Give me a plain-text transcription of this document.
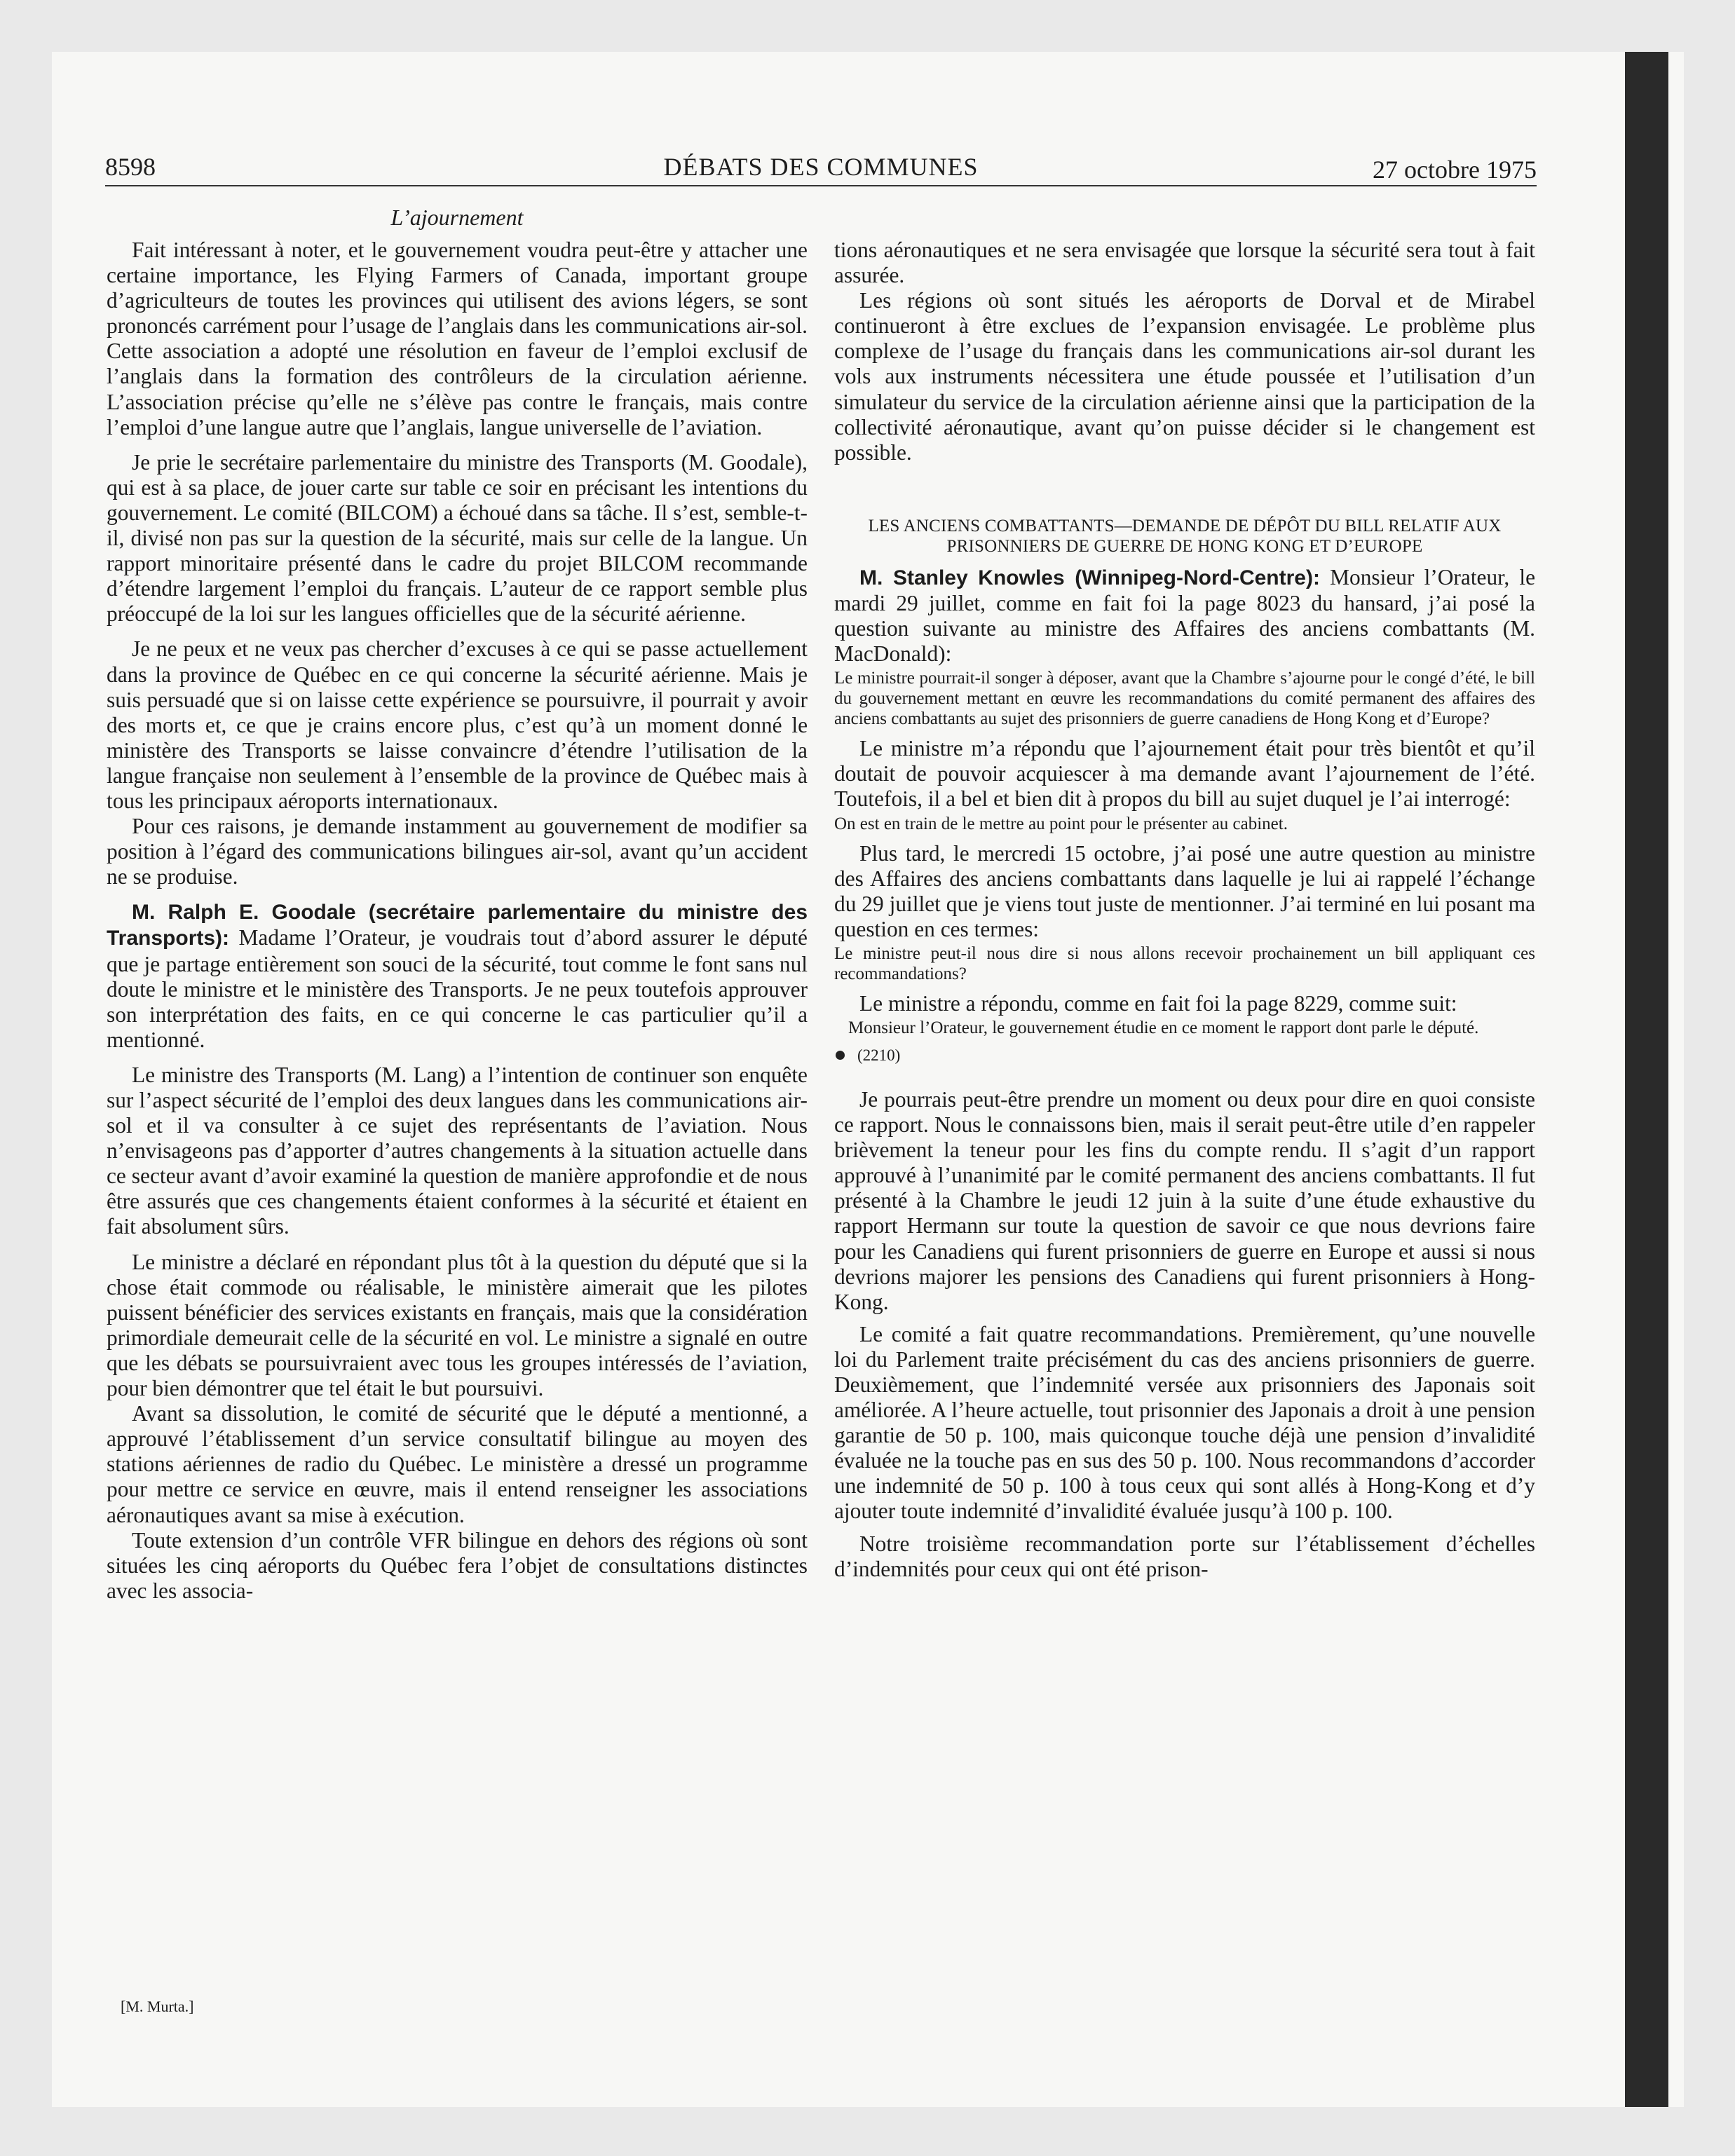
8598	DÉBATS DES COMMUNES	27 octobre 1975
L’ajournement

Fait intéressant à noter, et le gouvernement voudra peut-être y attacher une certaine importance, les Flying Farmers of Canada, important groupe d’agriculteurs de toutes les provinces qui utilisent des avions légers, se sont prononcés carrément pour l’usage de l’anglais dans les communications air-sol. Cette association a adopté une résolution en faveur de l’emploi exclusif de l’anglais dans la formation des contrôleurs de la circulation aérienne. L’association précise qu’elle ne s’élève pas contre le français, mais contre l’emploi d’une langue autre que l’anglais, langue universelle de l’aviation.

Je prie le secrétaire parlementaire du ministre des Transports (M. Goodale), qui est à sa place, de jouer carte sur table ce soir en précisant les intentions du gouvernement. Le comité (BILCOM) a échoué dans sa tâche. Il s’est, semble-t-il, divisé non pas sur la question de la sécurité, mais sur celle de la langue. Un rapport minoritaire présenté dans le cadre du projet BILCOM recommande d’étendre largement l’emploi du français. L’auteur de ce rapport semble plus préoccupé de la loi sur les langues officielles que de la sécurité aérienne.

Je ne peux et ne veux pas chercher d’excuses à ce qui se passe actuellement dans la province de Québec en ce qui concerne la sécurité aérienne. Mais je suis persuadé que si on laisse cette expérience se poursuivre, il pourrait y avoir des morts et, ce que je crains encore plus, c’est qu’à un moment donné le ministère des Transports se laisse convaincre d’étendre l’utilisation de la langue française non seulement à l’ensemble de la province de Québec mais à tous les principaux aéroports internationaux.

Pour ces raisons, je demande instamment au gouvernement de modifier sa position à l’égard des communications bilingues air-sol, avant qu’un accident ne se produise.

M. Ralph E. Goodale (secrétaire parlementaire du ministre des Transports): Madame l’Orateur, je voudrais tout d’abord assurer le député que je partage entièrement son souci de la sécurité, tout comme le font sans nul doute le ministre et le ministère des Transports. Je ne peux toutefois approuver son interprétation des faits, en ce qui concerne le cas particulier qu’il a mentionné.

Le ministre des Transports (M. Lang) a l’intention de continuer son enquête sur l’aspect sécurité de l’emploi des deux langues dans les communications air-sol et il va consulter à ce sujet des représentants de l’aviation. Nous n’envisageons pas d’apporter d’autres changements à la situation actuelle dans ce secteur avant d’avoir examiné la question de manière approfondie et de nous être assurés que ces changements étaient conformes à la sécurité et étaient en fait absolument sûrs.

Le ministre a déclaré en répondant plus tôt à la question du député que si la chose était commode ou réalisable, le ministère aimerait que les pilotes puissent bénéficier des services existants en français, mais que la considération primordiale demeurait celle de la sécurité en vol. Le ministre a signalé en outre que les débats se poursuivraient avec tous les groupes intéressés de l’aviation, pour bien démontrer que tel était le but poursuivi.

Avant sa dissolution, le comité de sécurité que le député a mentionné, a approuvé l’établissement d’un service consultatif bilingue au moyen des stations aériennes de radio du Québec. Le ministère a dressé un programme pour mettre ce service en œuvre, mais il entend renseigner les associations aéronautiques avant sa mise à exécution.

Toute extension d’un contrôle VFR bilingue en dehors des régions où sont situées les cinq aéroports du Québec fera l’objet de consultations distinctes avec les associa-

[M. Murta.]

tions aéronautiques et ne sera envisagée que lorsque la sécurité sera tout à fait assurée.

Les régions où sont situés les aéroports de Dorval et de Mirabel continueront à être exclues de l’expansion envisagée. Le problème plus complexe de l’usage du français dans les communications air-sol durant les vols aux instruments nécessitera une étude poussée et l’utilisation d’un simulateur du service de la circulation aérienne ainsi que la participation de la collectivité aéronautique, avant qu’on puisse décider si le changement est possible.

LES ANCIENS COMBATTANTS—DEMANDE DE DÉPÔT DU BILL RELATIF AUX PRISONNIERS DE GUERRE DE HONG KONG ET D’EUROPE

M. Stanley Knowles (Winnipeg-Nord-Centre): Monsieur l’Orateur, le mardi 29 juillet, comme en fait foi la page 8023 du hansard, j’ai posé la question suivante au ministre des Affaires des anciens combattants (M. MacDonald):

Le ministre pourrait-il songer à déposer, avant que la Chambre s’ajourne pour le congé d’été, le bill du gouvernement mettant en œuvre les recommandations du comité permanent des affaires des anciens combattants au sujet des prisonniers de guerre canadiens de Hong Kong et d’Europe?

Le ministre m’a répondu que l’ajournement était pour très bientôt et qu’il doutait de pouvoir acquiescer à ma demande avant l’ajournement de l’été. Toutefois, il a bel et bien dit à propos du bill au sujet duquel je l’ai interrogé:

On est en train de le mettre au point pour le présenter au cabinet.

Plus tard, le mercredi 15 octobre, j’ai posé une autre question au ministre des Affaires des anciens combattants dans laquelle je lui ai rappelé l’échange du 29 juillet que je viens tout juste de mentionner. J’ai terminé en lui posant ma question en ces termes:

Le ministre peut-il nous dire si nous allons recevoir prochainement un bill appliquant ces recommandations?

Le ministre a répondu, comme en fait foi la page 8229, comme suit:

Monsieur l’Orateur, le gouvernement étudie en ce moment le rapport dont parle le député.

(2210)

Je pourrais peut-être prendre un moment ou deux pour dire en quoi consiste ce rapport. Nous le connaissons bien, mais il serait peut-être utile d’en rappeler brièvement la teneur pour les fins du compte rendu. Il s’agit d’un rapport approuvé à l’unanimité par le comité permanent des anciens combattants. Il fut présenté à la Chambre le jeudi 12 juin à la suite d’une étude exhaustive du rapport Hermann sur toute la question de savoir ce que nous devrions faire pour les Canadiens qui furent prisonniers de guerre en Europe et aussi si nous devrions majorer les pensions des Canadiens qui furent prisonniers à Hong-Kong.

Le comité a fait quatre recommandations. Premièrement, qu’une nouvelle loi du Parlement traite précisément du cas des anciens prisonniers de guerre. Deuxièmement, que l’indemnité versée aux prisonniers des Japonais soit améliorée. A l’heure actuelle, tout prisonnier des Japonais a droit à une pension garantie de 50 p. 100, mais quiconque touche déjà une pension d’invalidité évaluée ne la touche pas en sus des 50 p. 100. Nous recommandons d’accorder une indemnité de 50 p. 100 à tous ceux qui sont allés à Hong-Kong et d’y ajouter toute indemnité d’invalidité évaluée jusqu’à 100 p. 100.

Notre troisième recommandation porte sur l’établissement d’échelles d’indemnités pour ceux qui ont été prison-
